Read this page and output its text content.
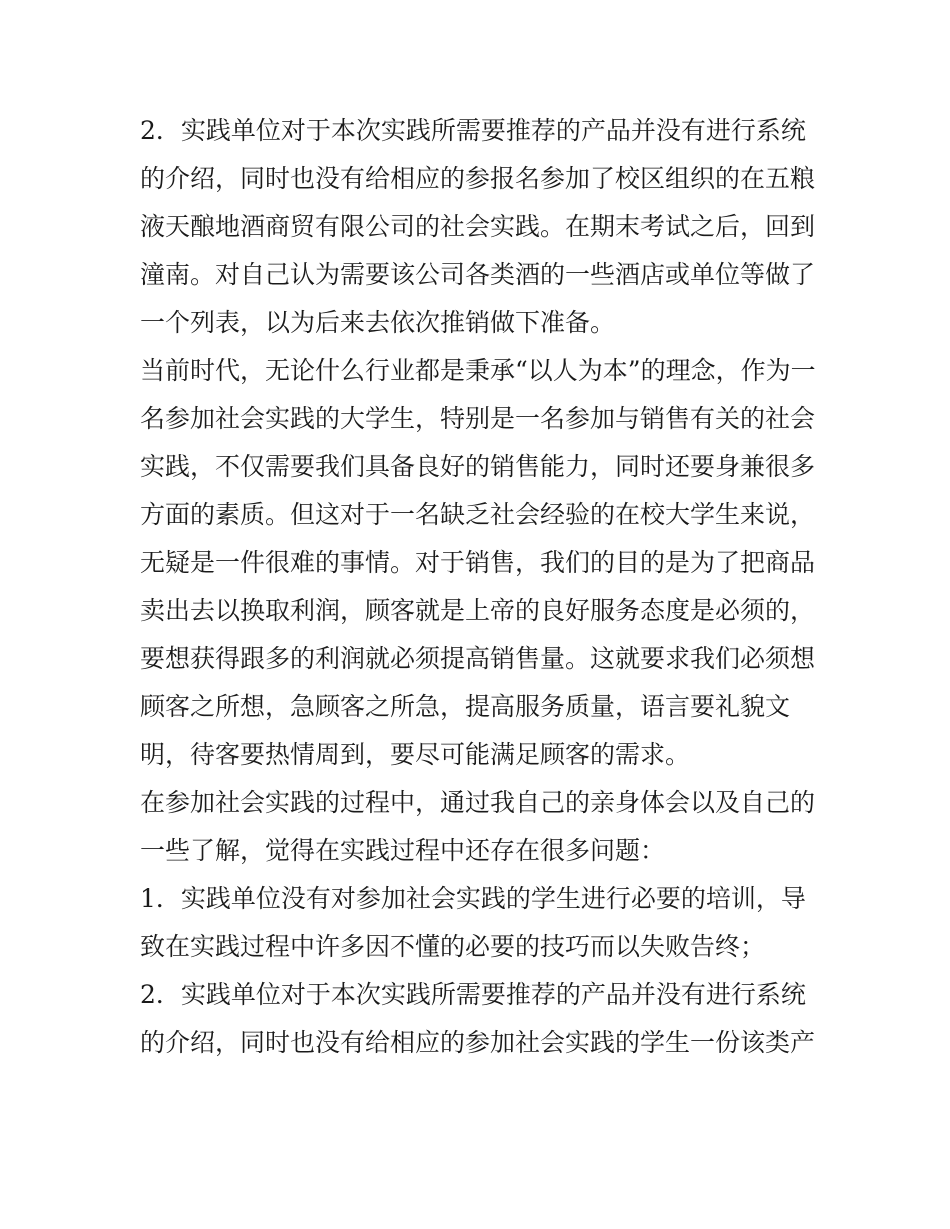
2．实践单位对于本次实践所需要推荐的产品并没有进行系统的介绍，同时也没有给相应的参报名参加了校区组织的在五粮液天酿地酒商贸有限公司的社会实践。在期末考试之后，回到潼南。对自己认为需要该公司各类酒的一些酒店或单位等做了一个列表，以为后来去依次推销做下准备。

当前时代，无论什么行业都是秉承“以人为本”的理念，作为一名参加社会实践的大学生，特别是一名参加与销售有关的社会实践，不仅需要我们具备良好的销售能力，同时还要身兼很多方面的素质。但这对于一名缺乏社会经验的在校大学生来说，无疑是一件很难的事情。对于销售，我们的目的是为了把商品卖出去以换取利润，顾客就是上帝的良好服务态度是必须的，要想获得跟多的利润就必须提高销售量。这就要求我们必须想顾客之所想，急顾客之所急，提高服务质量，语言要礼貌文明，待客要热情周到，要尽可能满足顾客的需求。

在参加社会实践的过程中，通过我自己的亲身体会以及自己的一些了解，觉得在实践过程中还存在很多问题：

1．实践单位没有对参加社会实践的学生进行必要的培训，导致在实践过程中许多因不懂的必要的技巧而以失败告终；

2．实践单位对于本次实践所需要推荐的产品并没有进行系统的介绍，同时也没有给相应的参加社会实践的学生一份该类产
